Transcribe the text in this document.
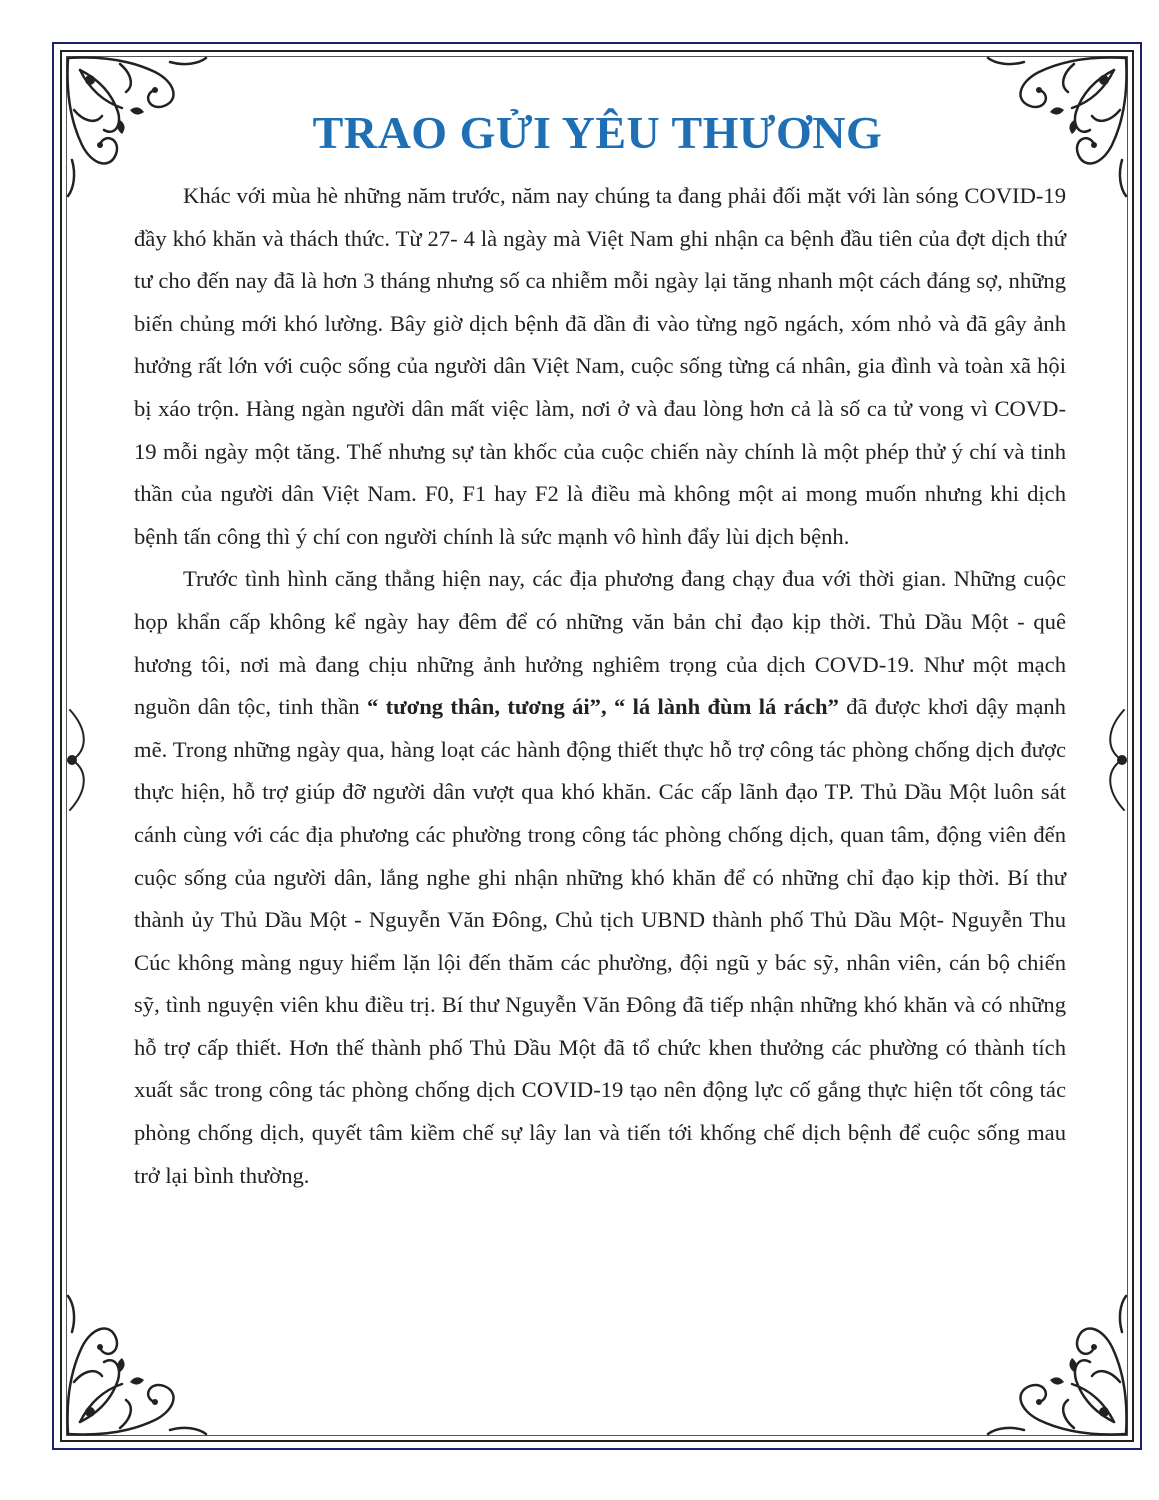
TRAO GỬI YÊU THƯƠNG

Khác với mùa hè những năm trước, năm nay chúng ta đang phải đối mặt với làn sóng COVID-19 đầy khó khăn và thách thức. Từ 27- 4 là ngày mà Việt Nam ghi nhận ca bệnh đầu tiên của đợt dịch thứ tư cho đến nay đã là hơn 3 tháng nhưng số ca nhiễm mỗi ngày lại tăng nhanh một cách đáng sợ, những biến chủng mới khó lường. Bây giờ dịch bệnh đã dần đi vào từng ngõ ngách, xóm nhỏ và đã gây ảnh hưởng rất lớn với cuộc sống của người dân Việt Nam, cuộc sống từng cá nhân, gia đình và toàn xã hội bị xáo trộn. Hàng ngàn người dân mất việc làm, nơi ở và đau lòng hơn cả là số ca tử vong vì COVD-19 mỗi ngày một tăng. Thế nhưng sự tàn khốc của cuộc chiến này chính là một phép thử ý chí và tinh thần của người dân Việt Nam. F0, F1 hay F2 là điều mà không một ai mong muốn nhưng khi dịch bệnh tấn công thì ý chí con người chính là sức mạnh vô hình đẩy lùi dịch bệnh.

Trước tình hình căng thẳng hiện nay, các địa phương đang chạy đua với thời gian. Những cuộc họp khẩn cấp không kể ngày hay đêm để có những văn bản chỉ đạo kịp thời. Thủ Dầu Một - quê hương tôi, nơi mà đang chịu những ảnh hưởng nghiêm trọng của dịch COVD-19. Như một mạch nguồn dân tộc, tinh thần “ tương thân, tương ái”, “ lá lành đùm lá rách” đã được khơi dậy mạnh mẽ. Trong những ngày qua, hàng loạt các hành động thiết thực hỗ trợ công tác phòng chống dịch được thực hiện, hỗ trợ giúp đỡ người dân vượt qua khó khăn. Các cấp lãnh đạo TP. Thủ Dầu Một luôn sát cánh cùng với các địa phương các phường trong công tác phòng chống dịch, quan tâm, động viên đến cuộc sống của người dân, lắng nghe ghi nhận những khó khăn để có những chỉ đạo kịp thời. Bí thư thành ủy Thủ Dầu Một - Nguyễn Văn Đông, Chủ tịch UBND thành phố Thủ Dầu Một- Nguyễn Thu Cúc không màng nguy hiểm lặn lội đến thăm các phường, đội ngũ y bác sỹ, nhân viên, cán bộ chiến sỹ, tình nguyện viên khu điều trị. Bí thư Nguyễn Văn Đông đã tiếp nhận những khó khăn và có những hỗ trợ cấp thiết. Hơn thế thành phố Thủ Dầu Một đã tổ chức khen thưởng các phường có thành tích xuất sắc trong công tác phòng chống dịch COVID-19 tạo nên động lực cố gắng thực hiện tốt công tác phòng chống dịch, quyết tâm kiềm chế sự lây lan và tiến tới khống chế dịch bệnh để cuộc sống mau trở lại bình thường.
